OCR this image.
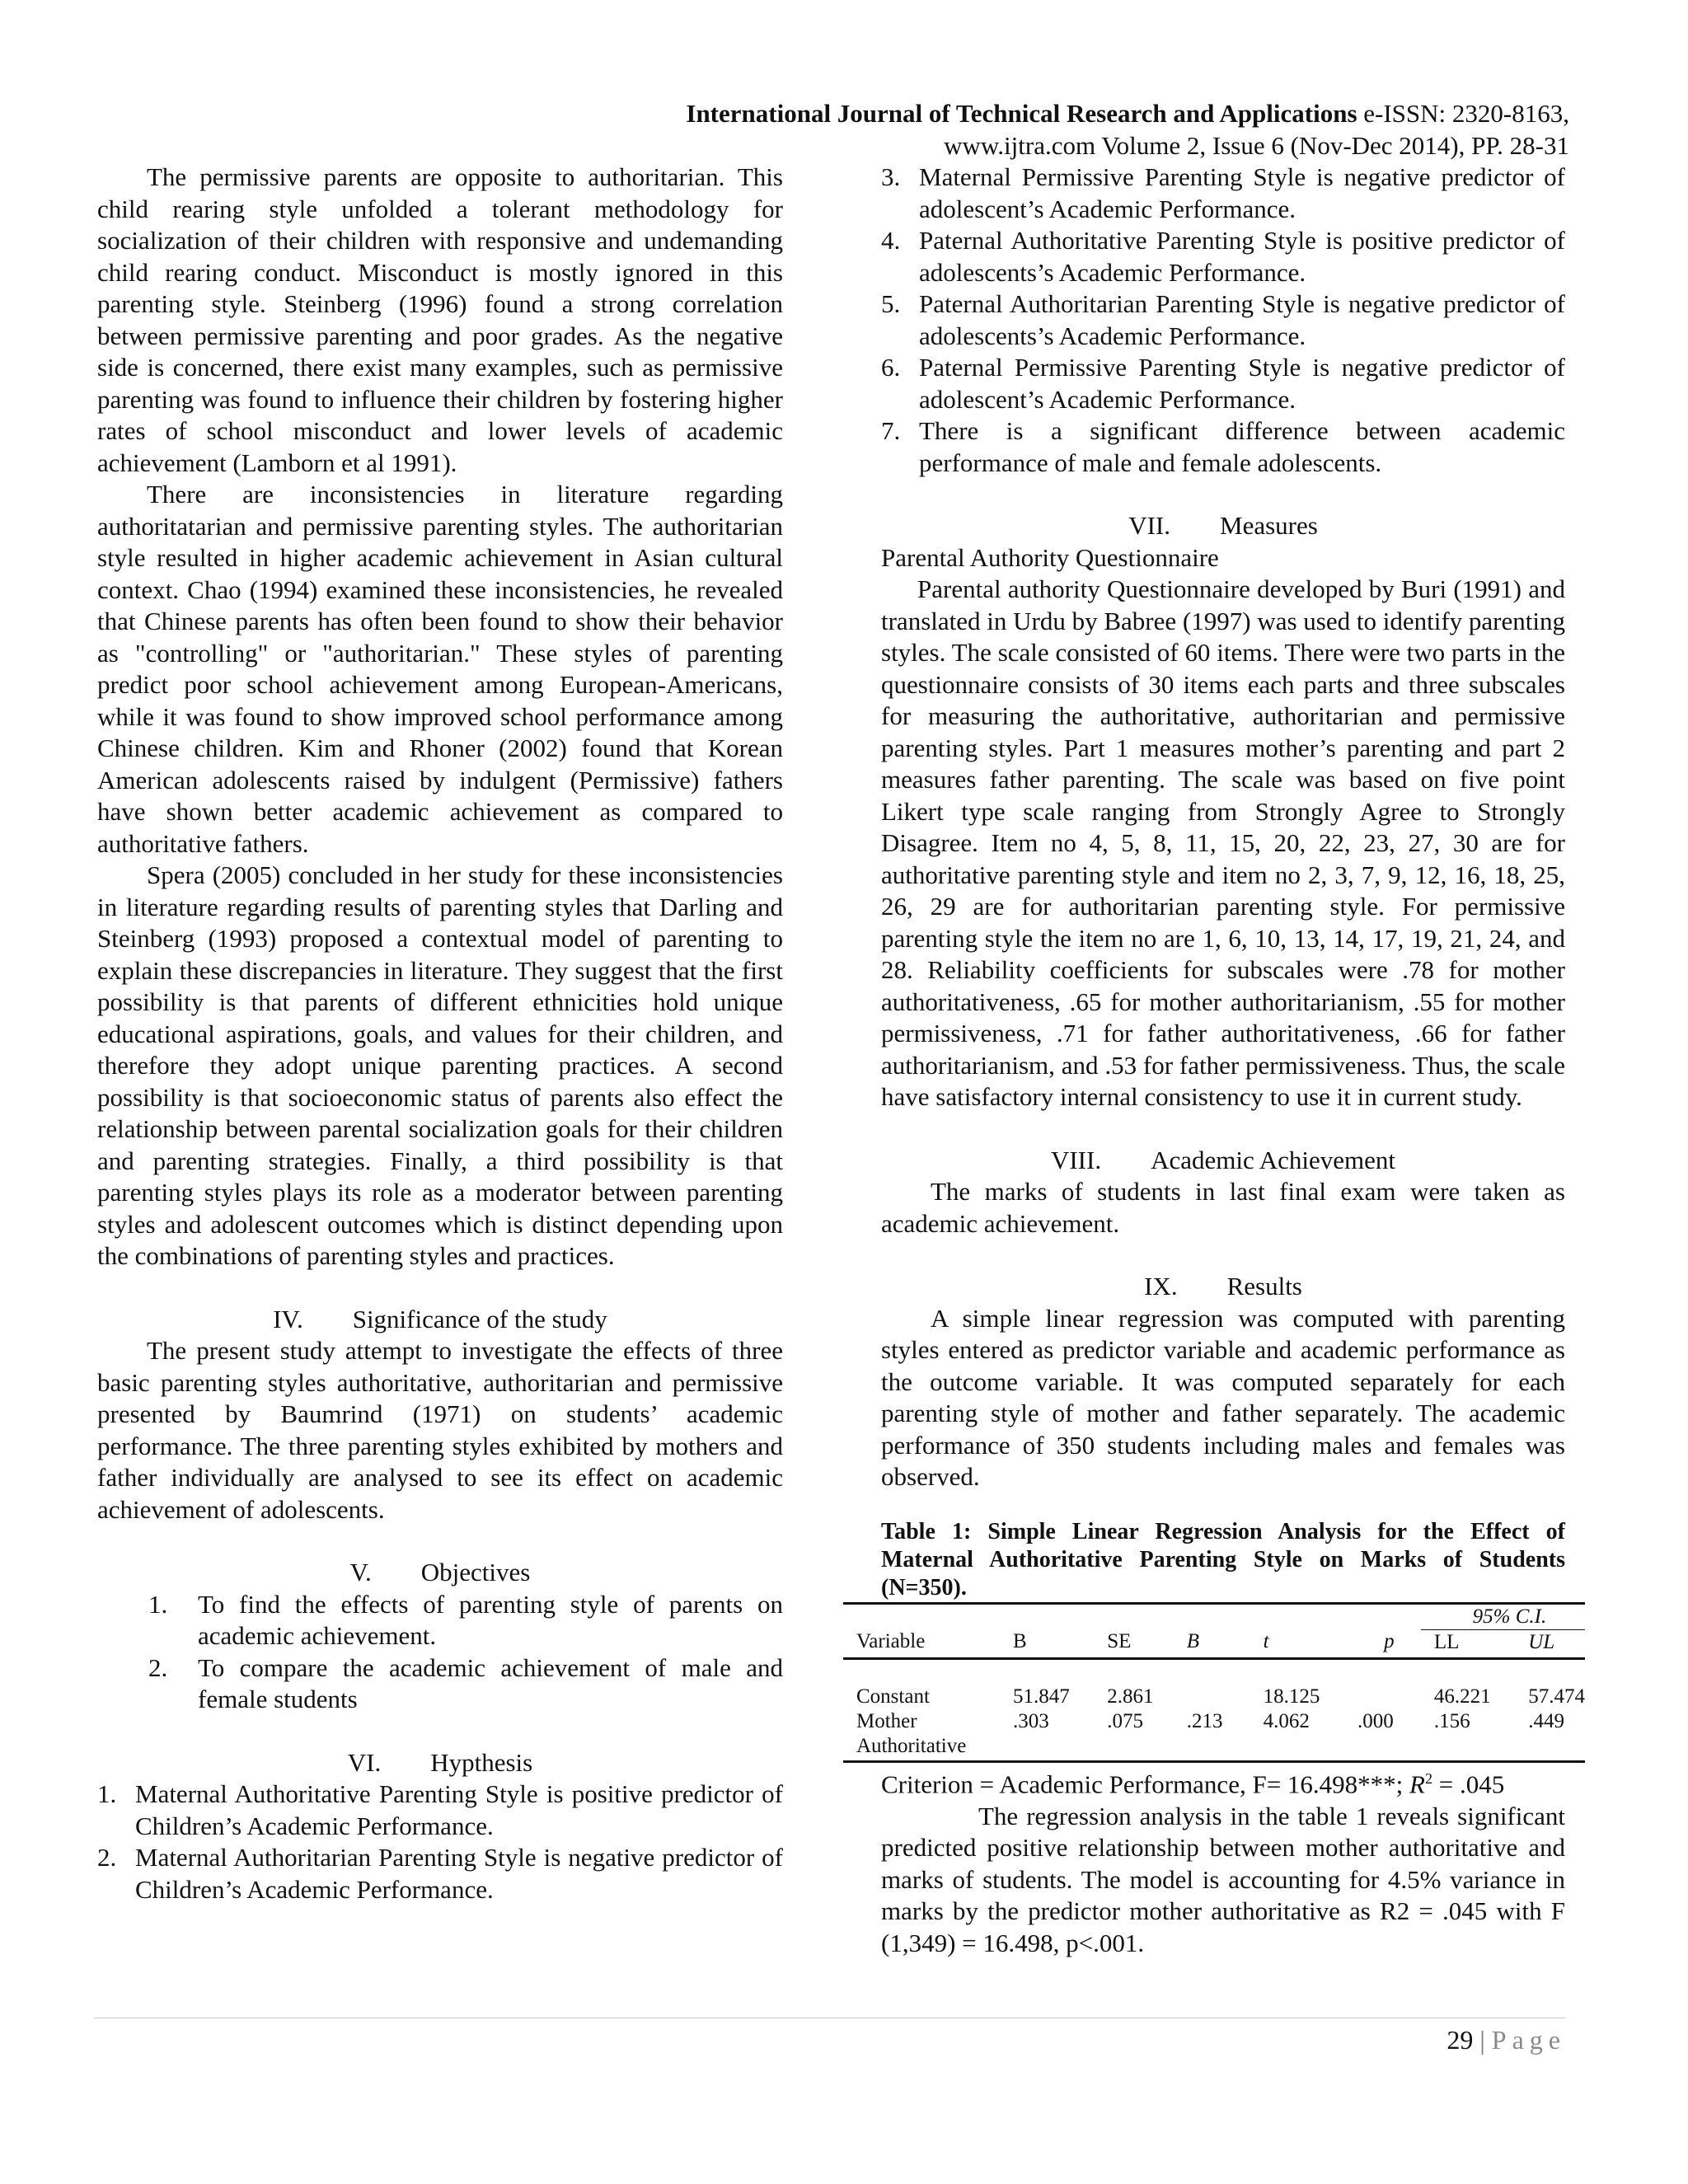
International Journal of Technical Research and Applications e-ISSN: 2320-8163,
www.ijtra.com Volume 2, Issue 6 (Nov-Dec 2014), PP. 28-31

The permissive parents are opposite to authoritarian. This child rearing style unfolded a tolerant methodology for socialization of their children with responsive and undemanding child rearing conduct. Misconduct is mostly ignored in this parenting style. Steinberg (1996) found a strong correlation between permissive parenting and poor grades. As the negative side is concerned, there exist many examples, such as permissive parenting was found to influence their children by fostering higher rates of school misconduct and lower levels of academic achievement (Lamborn et al 1991).

There are inconsistencies in literature regarding authoritatarian and permissive parenting styles. The authoritarian style resulted in higher academic achievement in Asian cultural context. Chao (1994) examined these inconsistencies, he revealed that Chinese parents has often been found to show their behavior as "controlling" or "authoritarian." These styles of parenting predict poor school achievement among European-Americans, while it was found to show improved school performance among Chinese children. Kim and Rhoner (2002) found that Korean American adolescents raised by indulgent (Permissive) fathers have shown better academic achievement as compared to authoritative fathers.

Spera (2005) concluded in her study for these inconsistencies in literature regarding results of parenting styles that Darling and Steinberg (1993) proposed a contextual model of parenting to explain these discrepancies in literature. They suggest that the first possibility is that parents of different ethnicities hold unique educational aspirations, goals, and values for their children, and therefore they adopt unique parenting practices. A second possibility is that socioeconomic status of parents also effect the relationship between parental socialization goals for their children and parenting strategies. Finally, a third possibility is that parenting styles plays its role as a moderator between parenting styles and adolescent outcomes which is distinct depending upon the combinations of parenting styles and practices.

IV. Significance of the study

The present study attempt to investigate the effects of three basic parenting styles authoritative, authoritarian and permissive presented by Baumrind (1971) on students’ academic performance. The three parenting styles exhibited by mothers and father individually are analysed to see its effect on academic achievement of adolescents.

V. Objectives
1.	To find the effects of parenting style of parents on academic achievement.
2.	To compare the academic achievement of male and female students
VI. Hypthesis
1. Maternal Authoritative Parenting Style is positive predictor of Children’s Academic Performance.
2. Maternal Authoritarian Parenting Style is negative predictor of Children’s Academic Performance.
3. Maternal Permissive Parenting Style is negative predictor of adolescent’s Academic Performance.
4. Paternal Authoritative Parenting Style is positive predictor of adolescents’s Academic Performance.
5. Paternal Authoritarian Parenting Style is negative predictor of adolescents’s Academic Performance.
6. Paternal Permissive Parenting Style is negative predictor of adolescent’s Academic Performance.
7. There is a significant difference between academic performance of male and female adolescents.
VII. Measures

Parental Authority Questionnaire

Parental authority Questionnaire developed by Buri (1991) and translated in Urdu by Babree (1997) was used to identify parenting styles. The scale consisted of 60 items. There were two parts in the questionnaire consists of 30 items each parts and three subscales for measuring the authoritative, authoritarian and permissive parenting styles. Part 1 measures mother’s parenting and part 2 measures father parenting. The scale was based on five point Likert type scale ranging from Strongly Agree to Strongly Disagree. Item no 4, 5, 8, 11, 15, 20, 22, 23, 27, 30 are for authoritative parenting style and item no 2, 3, 7, 9, 12, 16, 18, 25, 26, 29 are for authoritarian parenting style. For permissive parenting style the item no are 1, 6, 10, 13, 14, 17, 19, 21, 24, and 28. Reliability coefficients for subscales were .78 for mother authoritativeness, .65 for mother authoritarianism, .55 for mother permissiveness, .71 for father authoritativeness, .66 for father authoritarianism, and .53 for father permissiveness. Thus, the scale have satisfactory internal consistency to use it in current study.

VIII. Academic Achievement

The marks of students in last final exam were taken as academic achievement.

IX. Results

A simple linear regression was computed with parenting styles entered as predictor variable and academic performance as the outcome variable. It was computed separately for each parenting style of mother and father separately. The academic performance of 350 students including males and females was observed.

Table 1: Simple Linear Regression Analysis for the Effect of Maternal Authoritative Parenting Style on Marks of Students (N=350).
						95% C.I.	
Variable	B	SE	Β	t	p	LL	UL

Constant	51.847	2.861		18.125		46.221	57.474
Mother	.303	.075	.213	4.062	.000	.156	.449
Authoritative							

Criterion = Academic Performance, F= 16.498***; $R^2 = .045$

The regression analysis in the table 1 reveals significant predicted positive relationship between mother authoritative and marks of students. The model is accounting for 4.5% variance in marks by the predictor mother authoritative as R2 = .045 with F (1,349) = 16.498, p<.001.

29 | Page
